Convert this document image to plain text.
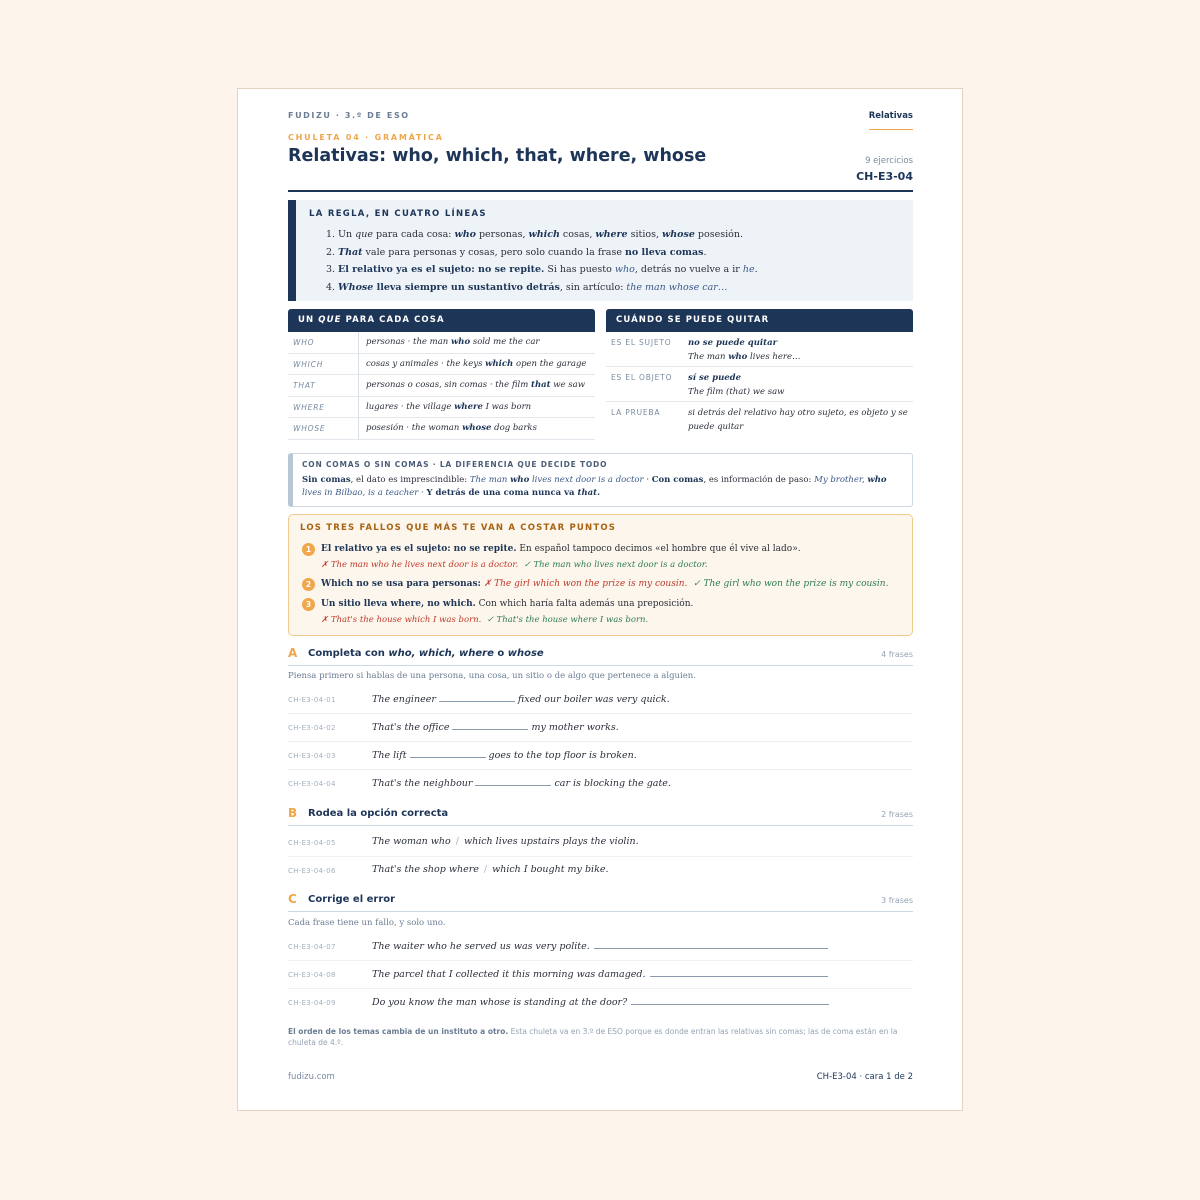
FUDIZU · 3.º DE ESO	Relativas
CHULETA 04 · GRAMÁTICA
Relativas: who, which, that, where, whose	9 ejercicios
CH-E3-04
LA REGLA, EN CUATRO LÍNEAS
1. Un que para cada cosa: who personas, which cosas, where sitios, whose posesión.
2. That vale para personas y cosas, pero solo cuando la frase no lleva comas.
3. El relativo ya es el sujeto: no se repite. Si has puesto who, detrás no vuelve a ir he.
4. Whose lleva siempre un sustantivo detrás, sin artículo: the man whose car…
UN QUE PARA CADA COSA
WHO	personas · the man who sold me the car
WHICH	cosas y animales · the keys which open the garage
THAT	personas o cosas, sin comas · the film that we saw
WHERE	lugares · the village where I was born
WHOSE	posesión · the woman whose dog barks
CUÁNDO SE PUEDE QUITAR
ES EL SUJETO no se puede quitar
The man who lives here…
ES EL OBJETO sí se puede
The film (that) we saw
LA PRUEBA	si detrás del relativo hay otro sujeto, es objeto y se puede quitar
CON COMAS O SIN COMAS · LA DIFERENCIA QUE DECIDE TODO

Sin comas, el dato es imprescindible: The man who lives next door is a doctor · Con comas, es información de paso: My brother, who lives in Bilbao, is a teacher · Y detrás de una coma nunca va that.

LOS TRES FALLOS QUE MÁS TE VAN A COSTAR PUNTOS
1	El relativo ya es el sujeto: no se repite. En español tampoco decimos «el hombre que él vive al lado».
✗ The man who he lives next door is a doctor. ✓ The man who lives next door is a doctor.
2	Which no se usa para personas: ✗ The girl which won the prize is my cousin. ✓ The girl who won the prize is my cousin.
3	Un sitio lleva where, no which. Con which haría falta además una preposición.
✗ That's the house which I was born. ✓ That's the house where I was born.
A Completa con who, which, where o whose	4 frases
Piensa primero si hablas de una persona, una cosa, un sitio o de algo que pertenece a alguien.
CH-E3-04-01	The engineer	fixed our boiler was very quick.
CH-E3-04-02	That's the office	my mother works.
CH-E3-04-03	The lift	goes to the top floor is broken.
CH-E3-04-04	That's the neighbour	car is blocking the gate.
B Rodea la opción correcta	2 frases
CH-E3-04-05	The woman who / which lives upstairs plays the violin.
CH-E3-04-06	That's the shop where / which I bought my bike.
C Corrige el error	3 frases
Cada frase tiene un fallo, y solo uno.
CH-E3-04-07	The waiter who he served us was very polite.
CH-E3-04-08	The parcel that I collected it this morning was damaged.
CH-E3-04-09	Do you know the man whose is standing at the door?
El orden de los temas cambia de un instituto a otro. Esta chuleta va en 3.º de ESO porque es donde entran las relativas sin comas; las de coma están en la chuleta de 4.º.
fudizu.com	CH-E3-04 · cara 1 de 2
